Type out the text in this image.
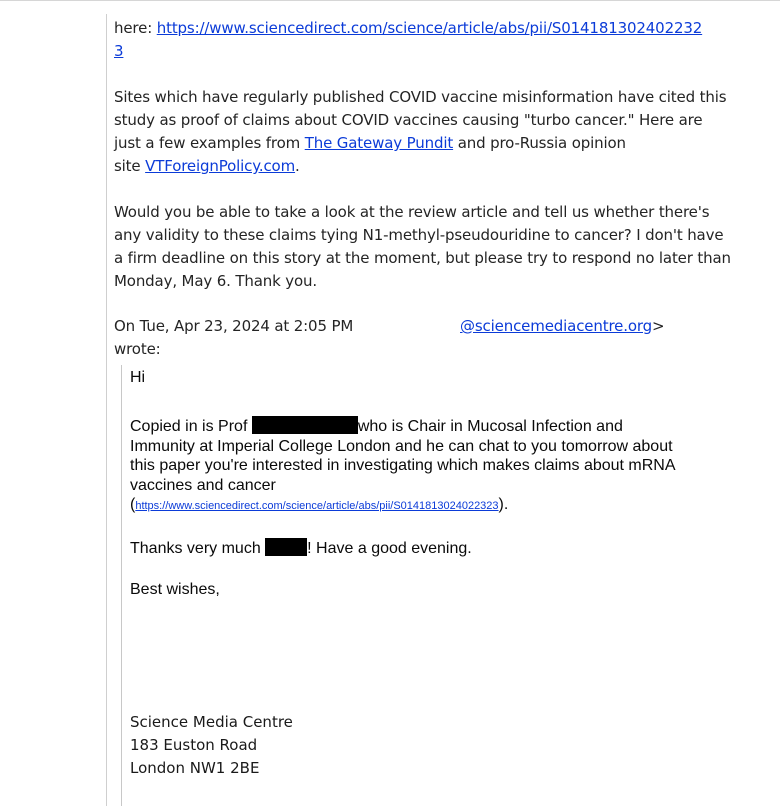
here: https://www.sciencedirect.com/science/article/abs/pii/S014181302402232

3

Sites which have regularly published COVID vaccine misinformation have cited this

study as proof of claims about COVID vaccines causing "turbo cancer." Here are

just a few examples from The Gateway Pundit and pro-Russia opinion

site VTForeignPolicy.com.

Would you be able to take a look at the review article and tell us whether there's

any validity to these claims tying N1-methyl-pseudouridine to cancer? I don't have

a firm deadline on this story at the moment, but please try to respond no later than

Monday, May 6. Thank you.

On Tue, Apr 23, 2024 at 2:05 PM	@sciencemediacentre.org>

wrote:

Hi

Copied in is Prof	who is Chair in Mucosal Infection and

Immunity at Imperial College London and he can chat to you tomorrow about

this paper you're interested in investigating which makes claims about mRNA

vaccines and cancer

(https://www.sciencedirect.com/science/article/abs/pii/S0141813024022323).

Thanks very much	! Have a good evening.

Best wishes,

Science Media Centre

183 Euston Road

London NW1 2BE
